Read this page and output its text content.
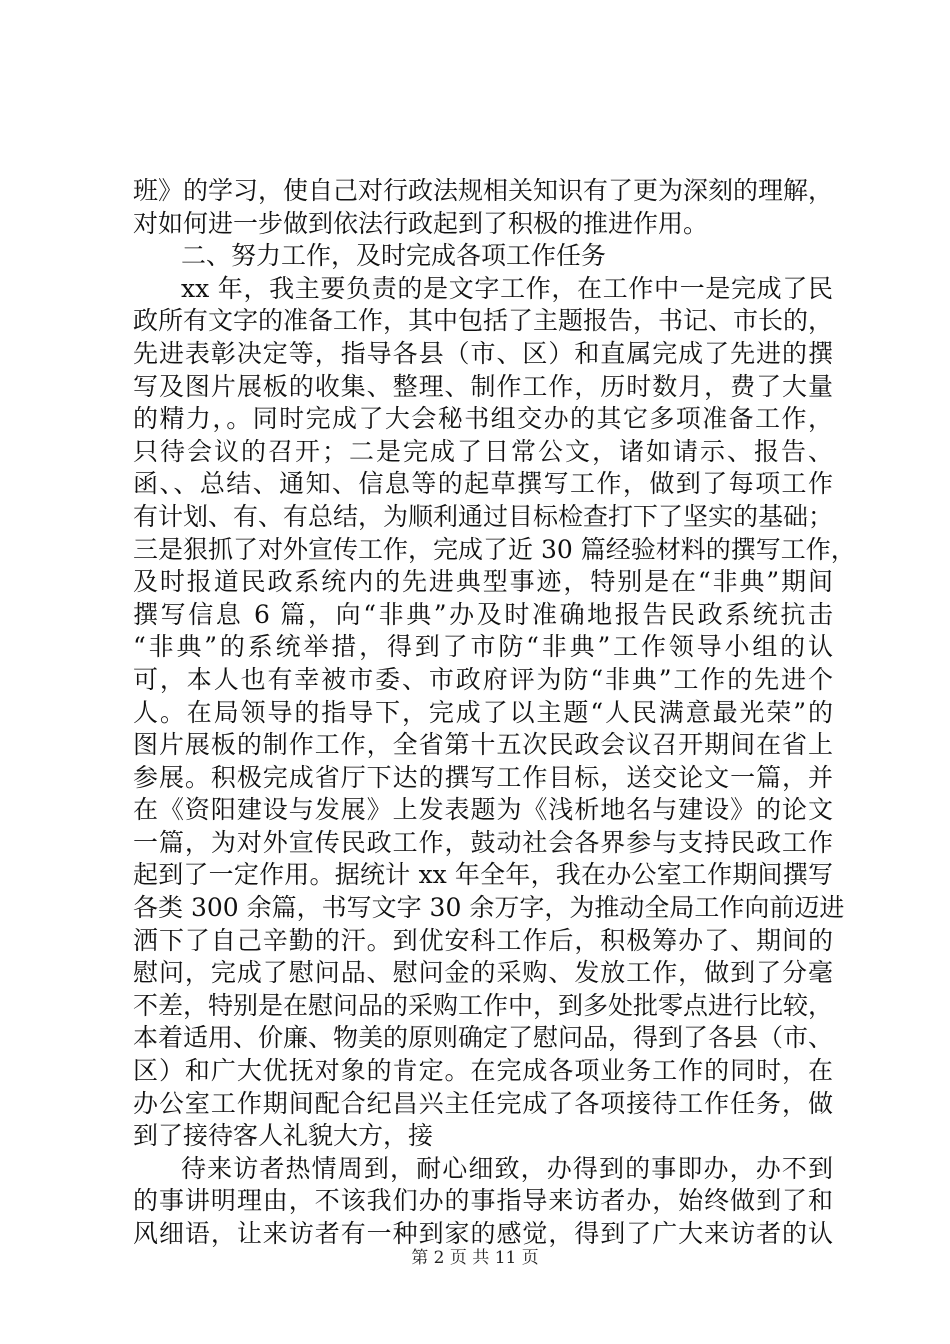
班》的学习，使自己对行政法规相关知识有了更为深刻的理解，
对如何进一步做到依法行政起到了积极的推进作用。
二、努力工作，及时完成各项工作任务
xx 年，我主要负责的是文字工作，在工作中一是完成了民
政所有文字的准备工作，其中包括了主题报告，书记、市长的，
先进表彰决定等，指导各县（市、区）和直属完成了先进的撰
写及图片展板的收集、整理、制作工作，历时数月，费了大量
的精力，。同时完成了大会秘书组交办的其它多项准备工作，
只待会议的召开；二是完成了日常公文，诸如请示、报告、
函、、总结、通知、信息等的起草撰写工作，做到了每项工作
有计划、有、有总结，为顺利通过目标检查打下了坚实的基础；
三是狠抓了对外宣传工作，完成了近 30 篇经验材料的撰写工作，
及时报道民政系统内的先进典型事迹，特别是在“非典”期间
撰写信息 6 篇，向“非典”办及时准确地报告民政系统抗击
“非典”的系统举措，得到了市防“非典”工作领导小组的认
可，本人也有幸被市委、市政府评为防“非典”工作的先进个
人。在局领导的指导下，完成了以主题“人民满意最光荣”的
图片展板的制作工作，全省第十五次民政会议召开期间在省上
参展。积极完成省厅下达的撰写工作目标，送交论文一篇，并
在《资阳建设与发展》上发表题为《浅析地名与建设》的论文
一篇，为对外宣传民政工作，鼓动社会各界参与支持民政工作
起到了一定作用。据统计 xx 年全年，我在办公室工作期间撰写
各类 300 余篇，书写文字 30 余万字，为推动全局工作向前迈进
洒下了自己辛勤的汗。到优安科工作后，积极筹办了、期间的
慰问，完成了慰问品、慰问金的采购、发放工作，做到了分毫
不差，特别是在慰问品的采购工作中，到多处批零点进行比较，
本着适用、价廉、物美的原则确定了慰问品，得到了各县（市、
区）和广大优抚对象的肯定。在完成各项业务工作的同时，在
办公室工作期间配合纪昌兴主任完成了各项接待工作任务，做
到了接待客人礼貌大方，接
待来访者热情周到，耐心细致，办得到的事即办，办不到
的事讲明理由，不该我们办的事指导来访者办，始终做到了和
风细语，让来访者有一种到家的感觉，得到了广大来访者的认
第 2 页 共 11 页
